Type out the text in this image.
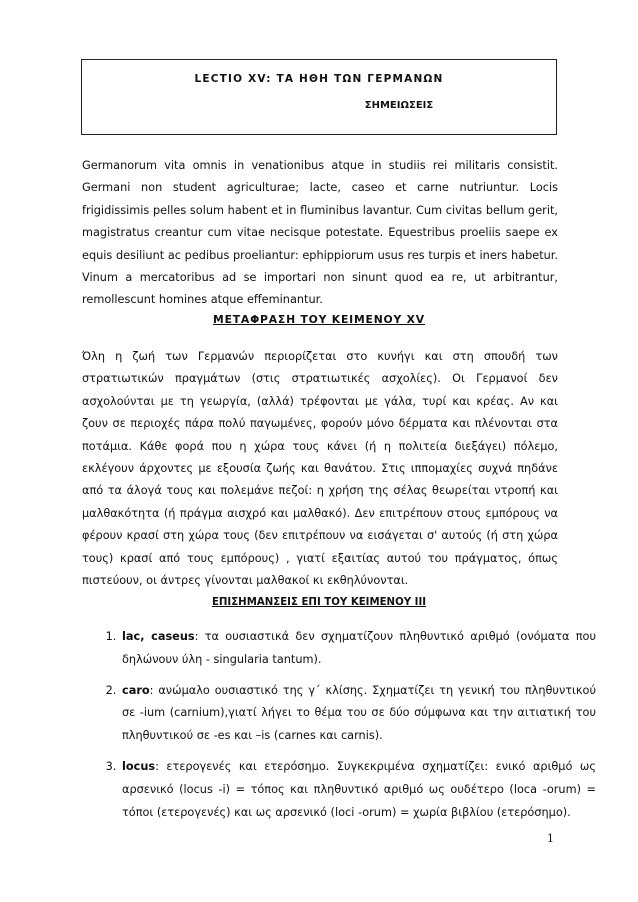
LECTIO XV: ΤΑ ΗΘΗ ΤΩΝ ΓΕΡΜΑΝΩΝ
ΣΗΜΕΙΩΣΕΙΣ

Germanorum vita omnis in venationibus atque in studiis rei militaris consistit. Germani non student agriculturae; lacte, caseo et carne nutriuntur. Locis frigidissimis pelles solum habent et in fluminibus lavantur. Cum civitas bellum gerit, magistratus creantur cum vitae necisque potestate. Equestribus proeliis saepe ex equis desiliunt ac pedibus proeliantur: ephippiorum usus res turpis et iners habetur. Vinum a mercatoribus ad se importari non sinunt quod ea re, ut arbitrantur, remollescunt homines atque effeminantur.

ΜΕΤΑΦΡΑΣΗ ΤΟΥ ΚΕΙΜΕΝΟΥ XV

Όλη η ζωή των Γερμανών περιορίζεται στο κυνήγι και στη σπουδή των στρατιωτικών πραγμάτων (στις στρατιωτικές ασχολίες). Οι Γερμανοί δεν ασχολούνται με τη γεωργία, (αλλά) τρέφονται με γάλα, τυρί και κρέας. Αν και ζουν σε περιοχές πάρα πολύ παγωμένες, φορούν μόνο δέρματα και πλένονται στα ποτάμια. Κάθε φορά που η χώρα τους κάνει (ή η πολιτεία διεξάγει) πόλεμο, εκλέγουν άρχοντες με εξουσία ζωής και θανάτου. Στις ιππομαχίες συχνά πηδάνε από τα άλογά τους και πολεμάνε πεζοί: η χρήση της σέλας θεωρείται ντροπή και μαλθακότητα (ή πράγμα αισχρό και μαλθακό). Δεν επιτρέπουν στους εμπόρους να φέρουν κρασί στη χώρα τους (δεν επιτρέπουν να εισάγεται σ' αυτούς (ή στη χώρα τους) κρασί από τους εμπόρους) , γιατί εξαιτίας αυτού του πράγματος, όπως πιστεύουν, οι άντρες γίνονται μαλθακοί κι εκθηλύνονται.

ΕΠΙΣΗΜΑΝΣΕΙΣ ΕΠΙ ΤΟΥ ΚΕΙΜΕΝΟΥ III
1. lac, caseus: τα ουσιαστικά δεν σχηματίζουν πληθυντικό αριθμό (ονόματα που δηλώνουν ύλη - singularia tantum).
2. caro: ανώμαλο ουσιαστικό της γ΄ κλίσης. Σχηματίζει τη γενική του πληθυντικού σε -ium (carnium),γιατί λήγει το θέμα του σε δύο σύμφωνα και την αιτιατική του πληθυντικού σε -es και –is (carnes και carnis).
3. locus: ετερογενές και ετερόσημο. Συγκεκριμένα σχηματίζει: ενικό αριθμό ως αρσενικό (locus -i) = τόπος και πληθυντικό αριθμό ως ουδέτερο (loca -orum) = τόποι (ετερογενές) και ως αρσενικό (loci -orum) = χωρία βιβλίου (ετερόσημο).
1
